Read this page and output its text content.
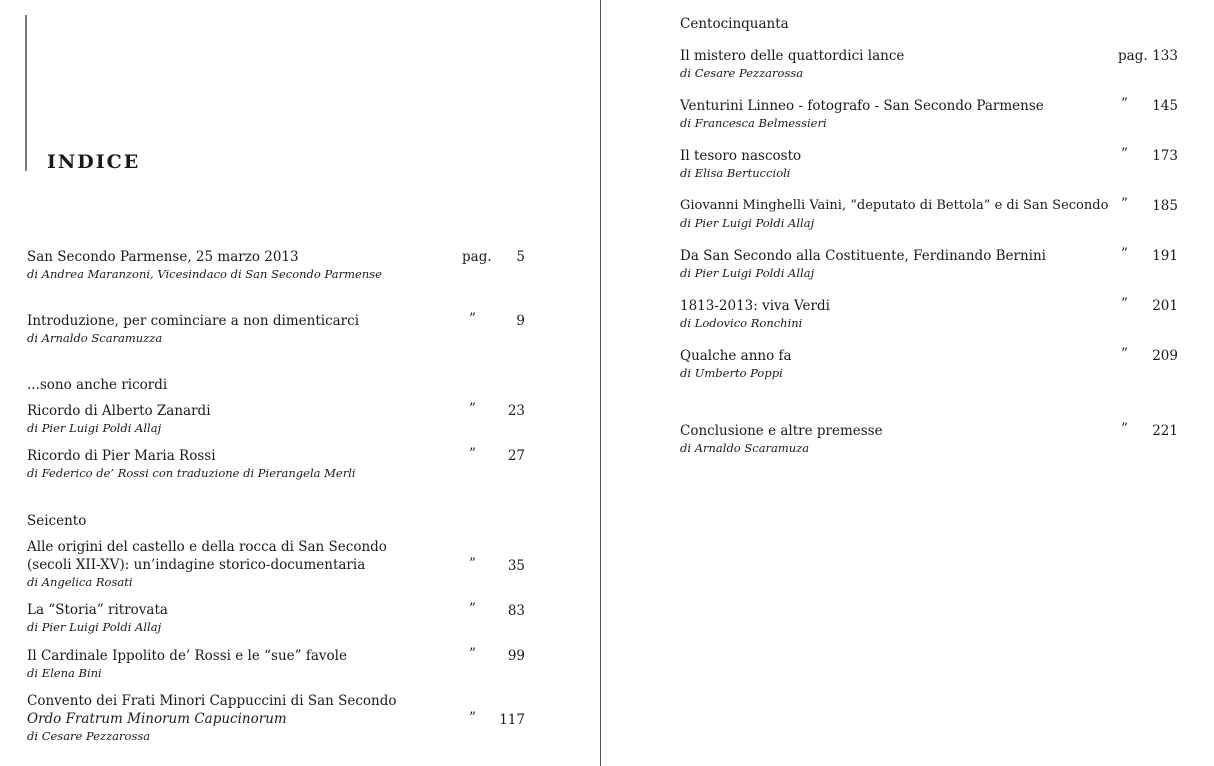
INDICE
San Secondo Parmense, 25 marzo 2013
di Andrea Maranzoni, Vicesindaco di San Secondo Parmense
pag. 5
Introduzione, per cominciare a non dimenticarci
di Arnaldo Scaramuzza
”	9
...sono anche ricordi
Ricordo di Alberto Zanardi
di Pier Luigi Poldi Allaj
” 23
Ricordo di Pier Maria Rossi
di Federico de’ Rossi con traduzione di Pierangela Merli
” 27
Seicento
Alle origini del castello e della rocca di San Secondo
(secoli XII-XV): un’indagine storico-documentaria
di Angelica Rosati
” 35
La “Storia” ritrovata
di Pier Luigi Poldi Allaj
” 83
Il Cardinale Ippolito de’ Rossi e le “sue” favole
di Elena Bini
” 99
Convento dei Frati Minori Cappuccini di San Secondo
Ordo Fratrum Minorum Capucinorum
di Cesare Pezzarossa
” 117
Centocinquanta
Il mistero delle quattordici lance
di Cesare Pezzarossa
pag. 133
Venturini Linneo - fotografo - San Secondo Parmense
di Francesca Belmessieri
” 145
Il tesoro nascosto
di Elisa Bertuccioli
” 173
Giovanni Minghelli Vaini, “deputato di Bettola” e di San Secondo
di Pier Luigi Poldi Allaj
” 185
Da San Secondo alla Costituente, Ferdinando Bernini
di Pier Luigi Poldi Allaj
” 191
1813-2013: viva Verdi
di Lodovico Ronchini
” 201
Qualche anno fa
di Umberto Poppi
” 209
Conclusione e altre premesse
di Arnaldo Scaramuza
” 221
